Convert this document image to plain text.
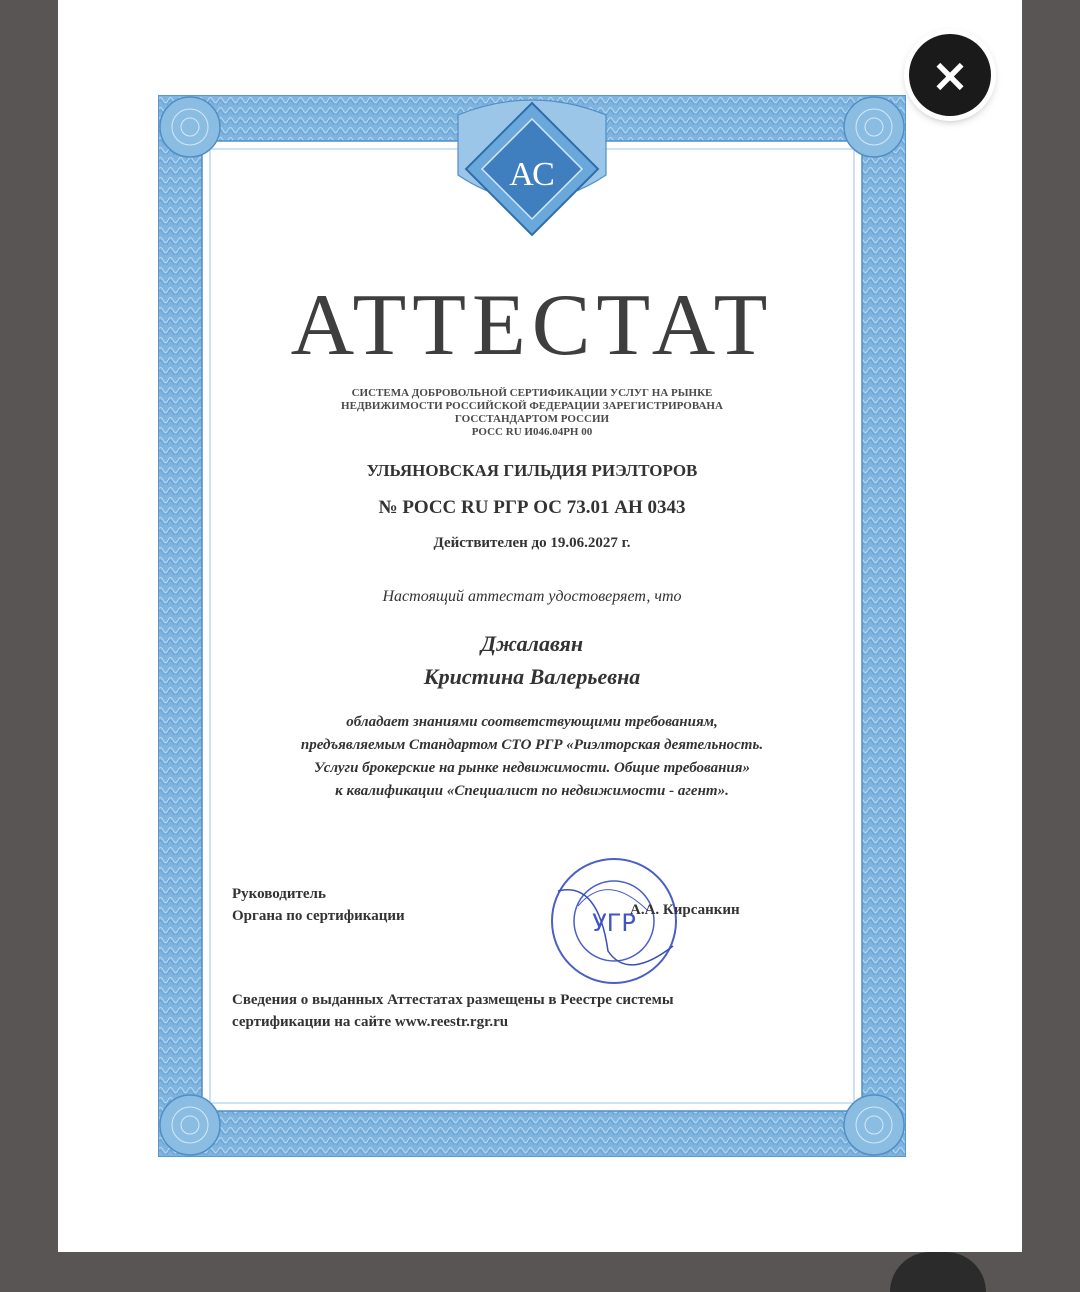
АС
АТТЕСТАТ
СИСТЕМА ДОБРОВОЛЬНОЙ СЕРТИФИКАЦИИ УСЛУГ НА РЫНКЕ
НЕДВИЖИМОСТИ РОССИЙСКОЙ ФЕДЕРАЦИИ ЗАРЕГИСТРИРОВАНА
ГОССТАНДАРТОМ РОССИИ
РОСС RU И046.04РН 00
УЛЬЯНОВСКАЯ ГИЛЬДИЯ РИЭЛТОРОВ
№ РОСС RU РГР ОС 73.01 АН 0343
Действителен до 19.06.2027 г.
Настоящий аттестат удостоверяет, что
Джалавян
Кристина Валерьевна
обладает знаниями соответствующими требованиям,
предъявляемым Стандартом СТО РГР «Риэлторская деятельность.
Услуги брокерские на рынке недвижимости. Общие требования»
к квалификации «Специалист по недвижимости - агент».
Руководитель
Органа по сертификации	УГР
А.А. Кирсанкин
Сведения о выданных Аттестатах размещены в Реестре системы
сертификации на сайте www.reestr.rgr.ru
×
